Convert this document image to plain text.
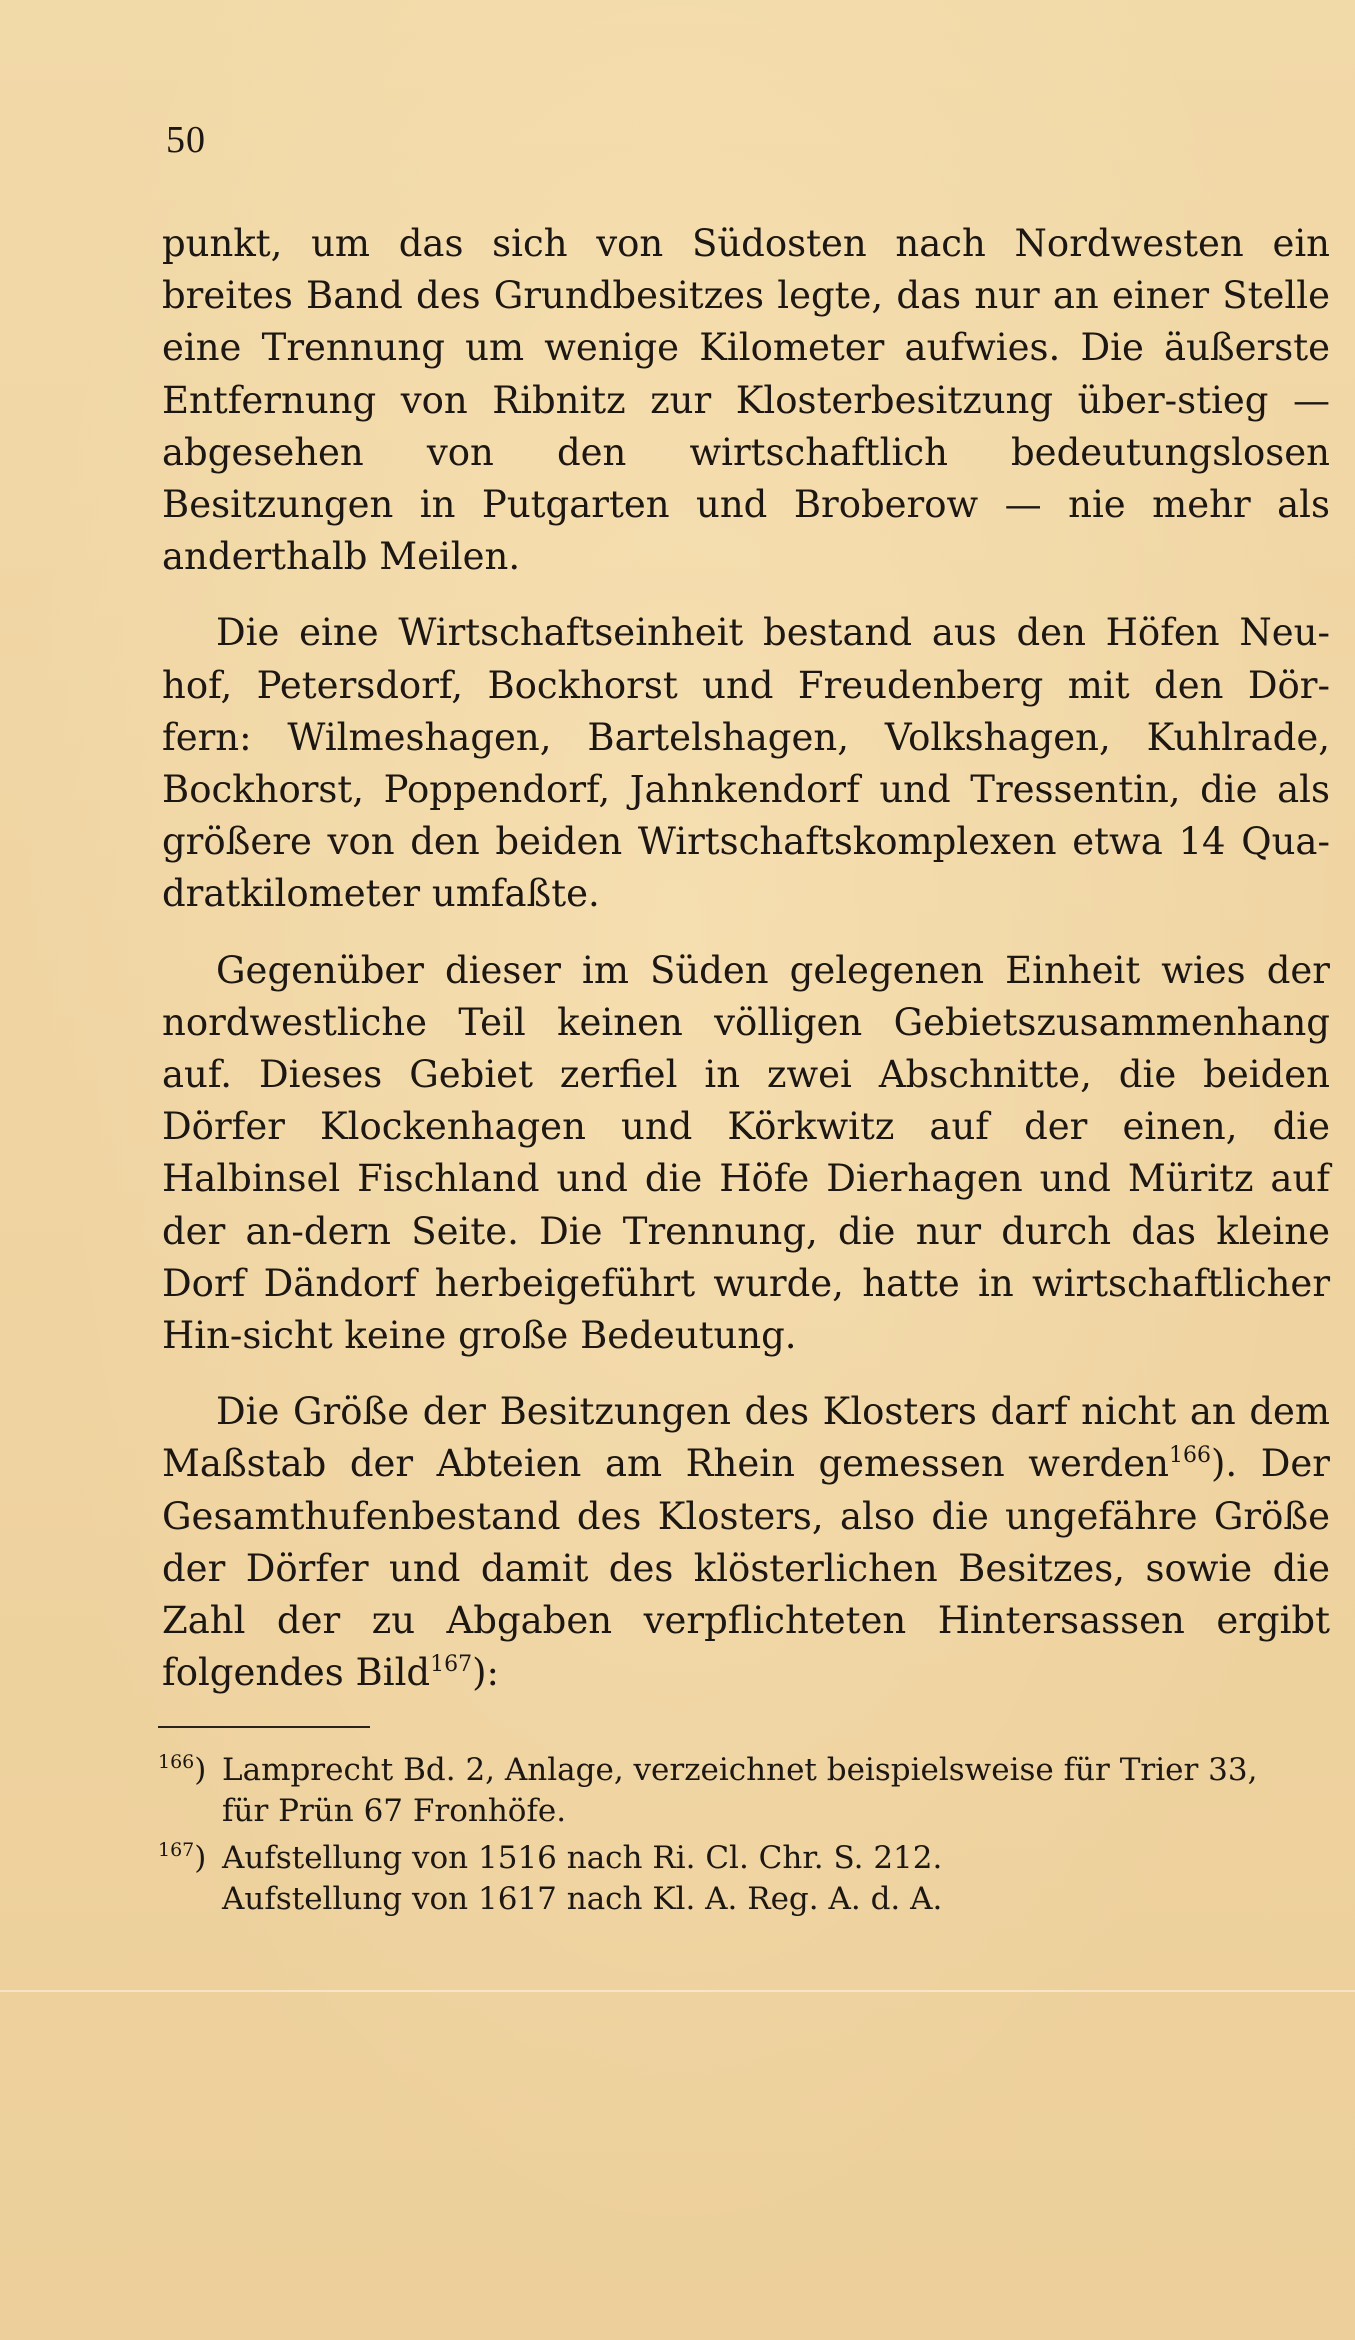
50

punkt, um das sich von Südosten nach Nordwesten ein breites Band des Grundbesitzes legte, das nur an einer Stelle eine Trennung um wenige Kilometer aufwies. Die äußerste Entfernung von Ribnitz zur Klosterbesitzung über-stieg — abgesehen von den wirtschaftlich bedeutungslosen Besitzungen in Putgarten und Broberow — nie mehr als anderthalb Meilen.

Die eine Wirtschaftseinheit bestand aus den Höfen Neu-hof, Petersdorf, Bockhorst und Freudenberg mit den Dör-fern: Wilmeshagen, Bartelshagen, Volkshagen, Kuhlrade, Bockhorst, Poppendorf, Jahnkendorf und Tressentin, die als größere von den beiden Wirtschaftskomplexen etwa 14 Qua-dratkilometer umfaßte.

Gegenüber dieser im Süden gelegenen Einheit wies der nordwestliche Teil keinen völligen Gebietszusammenhang auf. Dieses Gebiet zerfiel in zwei Abschnitte, die beiden Dörfer Klockenhagen und Körkwitz auf der einen, die Halbinsel Fischland und die Höfe Dierhagen und Müritz auf der an-dern Seite. Die Trennung, die nur durch das kleine Dorf Dändorf herbeigeführt wurde, hatte in wirtschaftlicher Hin-sicht keine große Bedeutung.

Die Größe der Besitzungen des Klosters darf nicht an dem Maßstab der Abteien am Rhein gemessen werden$^{166}$). Der Gesamthufenbestand des Klosters, also die ungefähre Größe der Dörfer und damit des klösterlichen Besitzes, sowie die Zahl der zu Abgaben verpflichteten Hintersassen ergibt folgendes Bild$^{167}$):

$^{166}$) Lamprecht Bd. 2, Anlage, verzeichnet beispielsweise für Trier 33,
für Prün 67 Fronhöfe.
$^{167}$) Aufstellung von 1516 nach Ri. Cl. Chr. S. 212.
Aufstellung von 1617 nach Kl. A. Reg. A. d. A.
